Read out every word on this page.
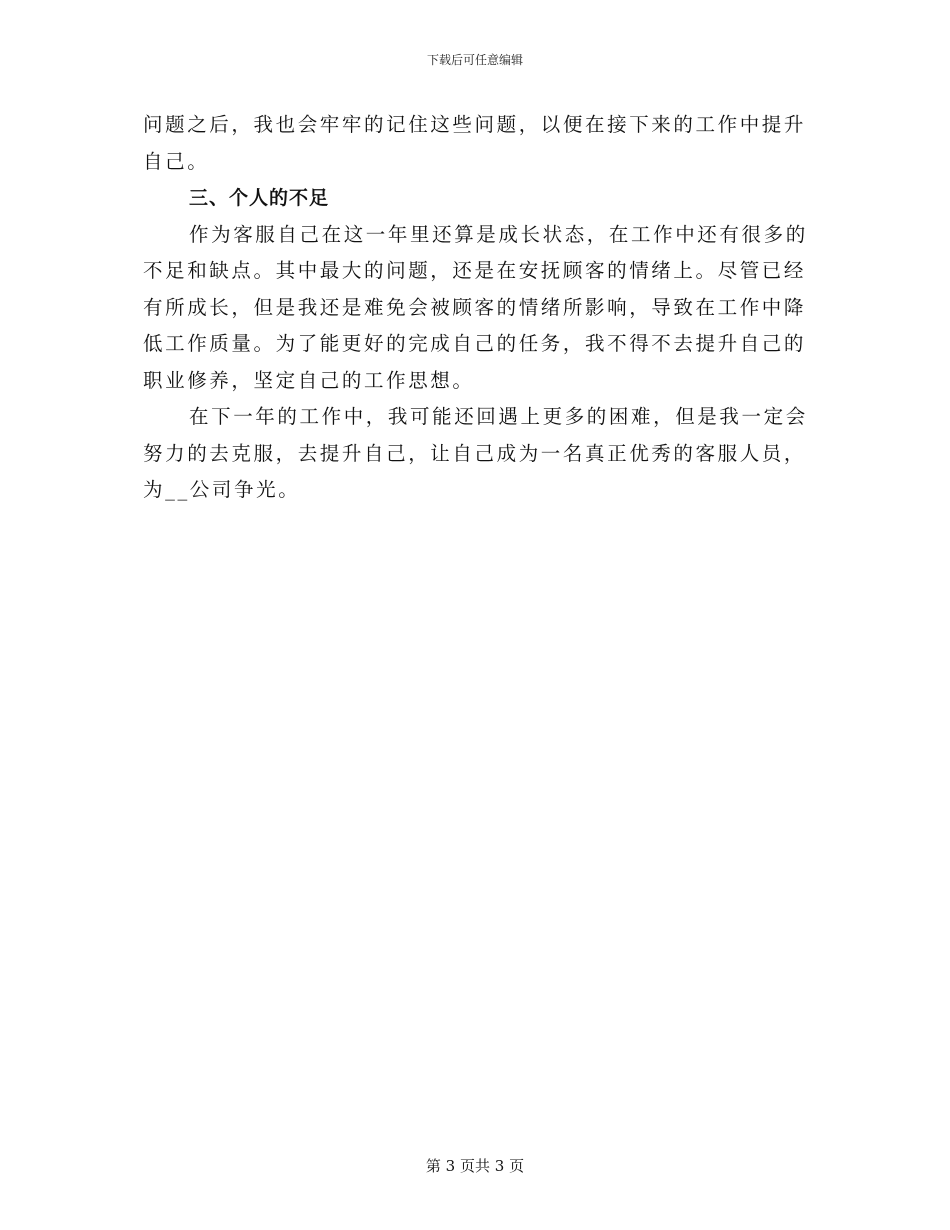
下载后可任意编辑
问题之后，我也会牢牢的记住这些问题，以便在接下来的工作中提升
自己。
三、个人的不足
作为客服自己在这一年里还算是成长状态，在工作中还有很多的
不足和缺点。其中最大的问题，还是在安抚顾客的情绪上。尽管已经
有所成长，但是我还是难免会被顾客的情绪所影响，导致在工作中降
低工作质量。为了能更好的完成自己的任务，我不得不去提升自己的
职业修养，坚定自己的工作思想。
在下一年的工作中，我可能还回遇上更多的困难，但是我一定会
努力的去克服，去提升自己，让自己成为一名真正优秀的客服人员，
为__公司争光。
第 3 页共 3 页
